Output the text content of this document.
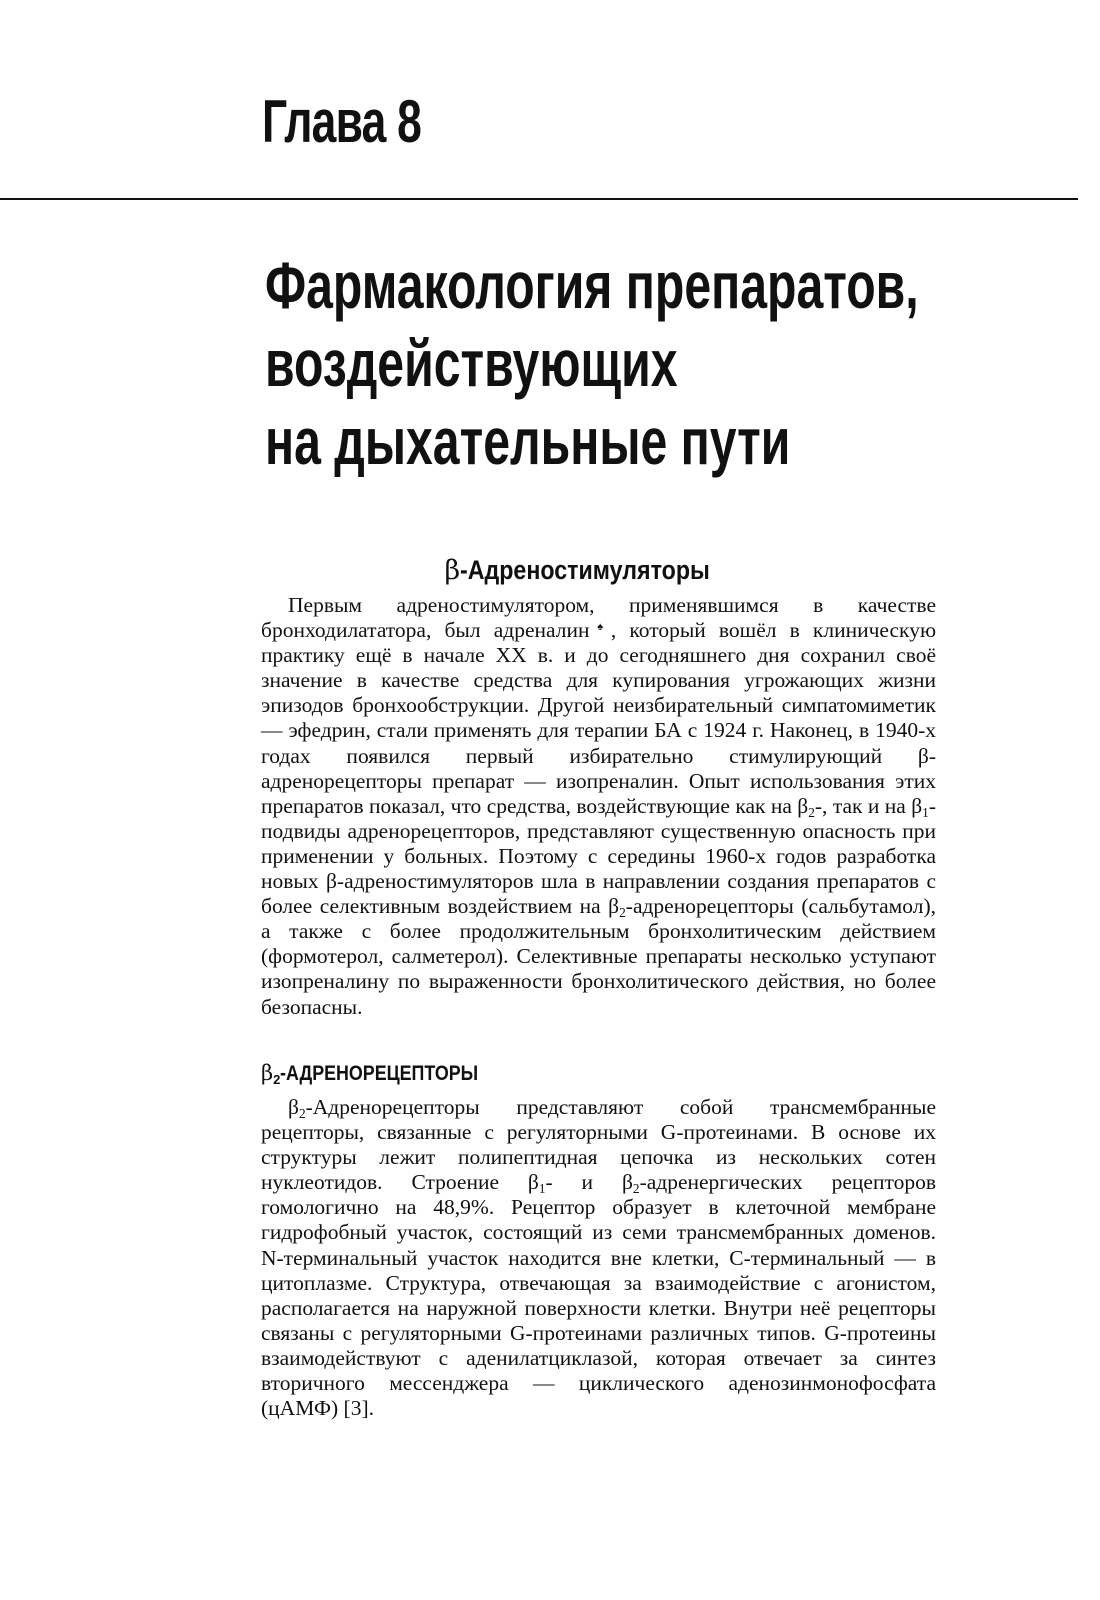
Глава 8
Фармакология препаратов,
воздействующих
на дыхательные пути
β-Адреностимуляторы

Первым адреностимулятором, применявшимся в качестве бронходилататора, был адреналин♠, который вошёл в клиническую практику ещё в начале XX в. и до сегодняшнего дня сохранил своё значение в качестве средства для купирования угрожающих жизни эпизодов бронхообструкции. Другой неизбирательный симпатомиметик — эфедрин, стали применять для терапии БА с 1924 г. Наконец, в 1940-х годах появился первый избирательно стимулирующий β-адренорецепторы препарат — изопреналин. Опыт использования этих препаратов показал, что средства, воздействующие как на $\beta_2-$, так и на $\beta_1$-подвиды адренорецепторов, представляют существенную опасность при применении у больных. Поэтому с середины 1960-х годов разработка новых β-адреностимуляторов шла в направлении создания препаратов с более селективным воздействием на $\beta_2$-адренорецепторы (сальбутамол), а также с более продолжительным бронхолитическим действием (формотерол, салметерол). Селективные препараты несколько уступают изопреналину по выраженности бронхолитического действия, но более безопасны.

β2-АДРЕНОРЕЦЕПТОРЫ

$\beta_2$-Адренорецепторы представляют собой трансмембранные рецепторы, связанные с регуляторными G-протеинами. В основе их структуры лежит полипептидная цепочка из нескольких сотен нуклеотидов. Строение $\beta_1-$ и $\beta_2$-адренергических рецепторов гомологично на 48,9%. Рецептор образует в клеточной мембране гидрофобный участок, состоящий из семи трансмембранных доменов. N-терминальный участок находится вне клетки, С-терминальный — в цитоплазме. Структура, отвечающая за взаимодействие с агонистом, располагается на наружной поверхности клетки. Внутри неё рецепторы связаны с регуляторными G-протеинами различных типов. G-протеины взаимодействуют с аденилатциклазой, которая отвечает за синтез вторичного мессенджера — циклического аденозинмонофосфата (цАМФ) [3].
